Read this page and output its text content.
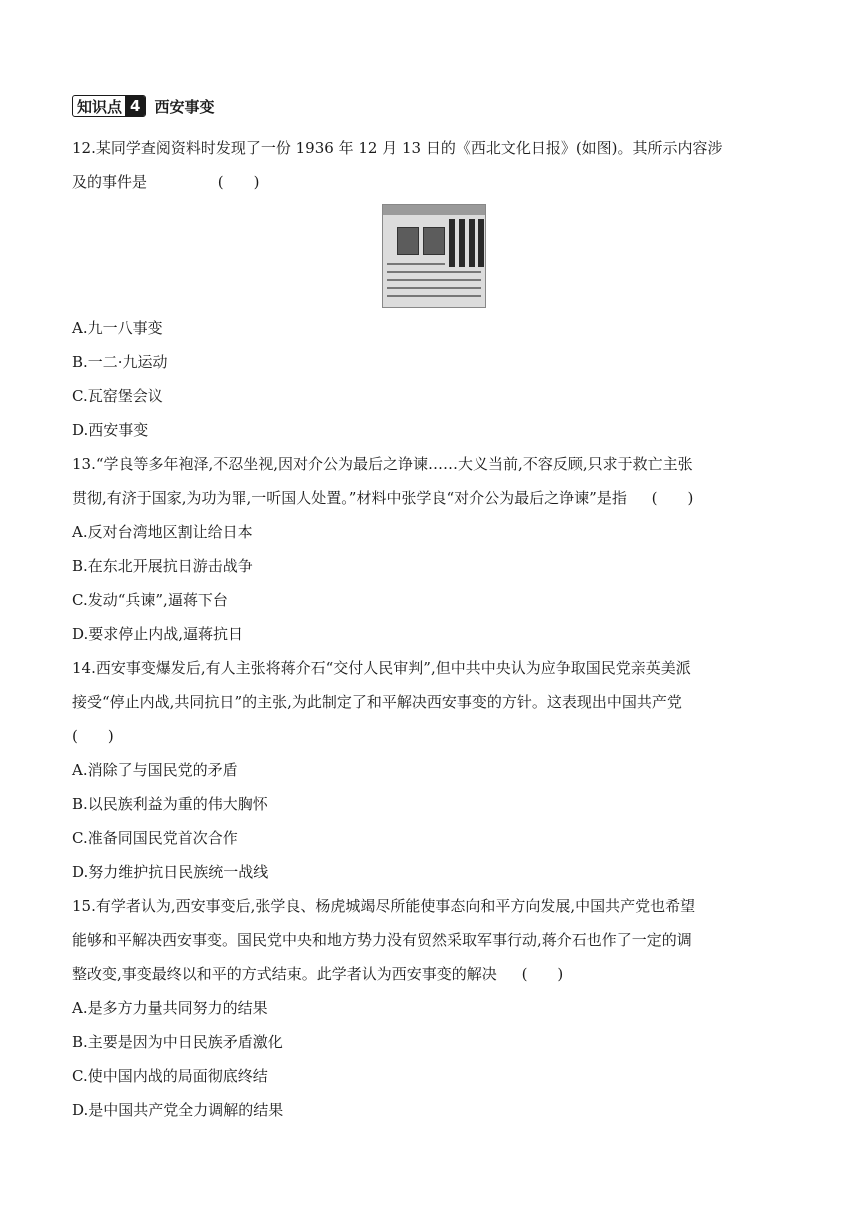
知识点 4 西安事变
12.某同学查阅资料时发现了一份 1936 年 12 月 13 日的《西北文化日报》(如图)。其所示内容涉
及的事件是	(　　)
A.九一八事变
B.一二·九运动
C.瓦窑堡会议
D.西安事变
13.“学良等多年袍泽,不忍坐视,因对介公为最后之诤谏……大义当前,不容反顾,只求于救亡主张
贯彻,有济于国家,为功为罪,一听国人处置。”材料中张学良“对介公为最后之诤谏”是指 (　　)
A.反对台湾地区割让给日本
B.在东北开展抗日游击战争
C.发动“兵谏”,逼蒋下台
D.要求停止内战,逼蒋抗日
14.西安事变爆发后,有人主张将蒋介石“交付人民审判”,但中共中央认为应争取国民党亲英美派
接受“停止内战,共同抗日”的主张,为此制定了和平解决西安事变的方针。这表现出中国共产党
(　　)
A.消除了与国民党的矛盾
B.以民族利益为重的伟大胸怀
C.准备同国民党首次合作
D.努力维护抗日民族统一战线
15.有学者认为,西安事变后,张学良、杨虎城竭尽所能使事态向和平方向发展,中国共产党也希望
能够和平解决西安事变。国民党中央和地方势力没有贸然采取军事行动,蒋介石也作了一定的调
整改变,事变最终以和平的方式结束。此学者认为西安事变的解决 (　　)
A.是多方力量共同努力的结果
B.主要是因为中日民族矛盾激化
C.使中国内战的局面彻底终结
D.是中国共产党全力调解的结果
